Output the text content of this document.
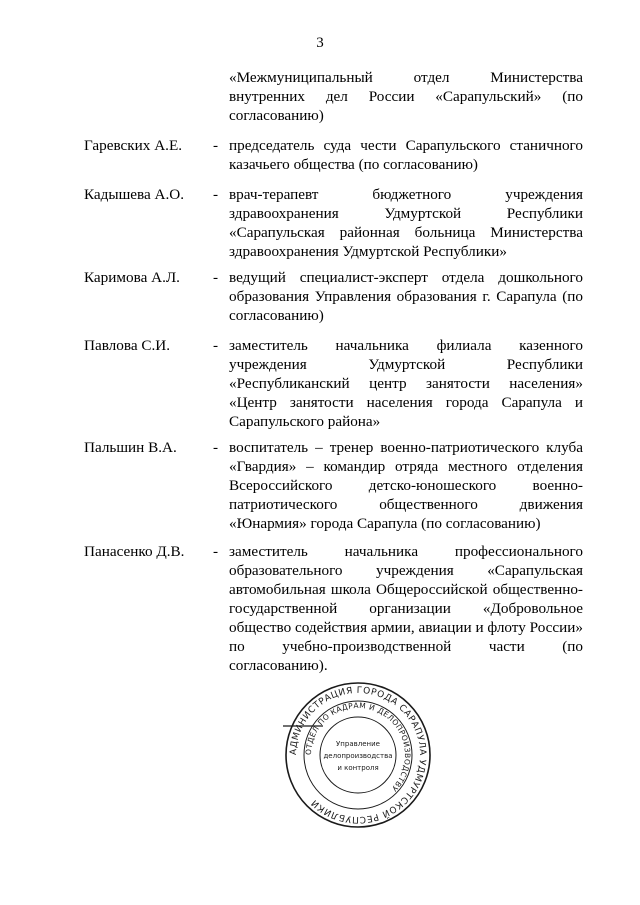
3
«Межмуниципальный отдел Министерства внутренних дел России «Сарапульский» (по согласованию)
Гаревских А.Е. - председатель суда чести Сарапульского станичного казачьего общества (по согласованию)
Кадышева А.О. - врач-терапевт бюджетного учреждения здравоохранения Удмуртской Республики «Сарапульская районная больница Министерства здравоохранения Удмуртской Республики»
Каримова А.Л. - ведущий специалист-эксперт отдела дошкольного образования Управления образования г. Сарапула (по согласованию)
Павлова С.И.	- заместитель начальника филиала казенного учреждения Удмуртской Республики «Республиканский центр занятости населения» «Центр занятости населения города Сарапула и Сарапульского района»
Пальшин В.А. - воспитатель – тренер военно-патриотического клуба «Гвардия» – командир отряда местного отделения Всероссийского детско-юношеского военно-патриотического общественного движения «Юнармия» города Сарапула (по согласованию)
Панасенко Д.В. - заместитель начальника профессионального образовательного учреждения «Сарапульская автомобильная школа Общероссийской общественно-государственной организации «Добровольное общество содействия армии, авиации и флоту России» по учебно-производственной части (по согласованию).
АДМИНИСТРАЦИЯ ГОРОДА САРАПУЛА УДМУРТСКОЙ РЕСПУБЛИКИ
ОТДЕЛ ПО КАДРАМ И ДЕЛОПРОИЗВОДСТВУ
Управление
делопроизводства
и контроля
